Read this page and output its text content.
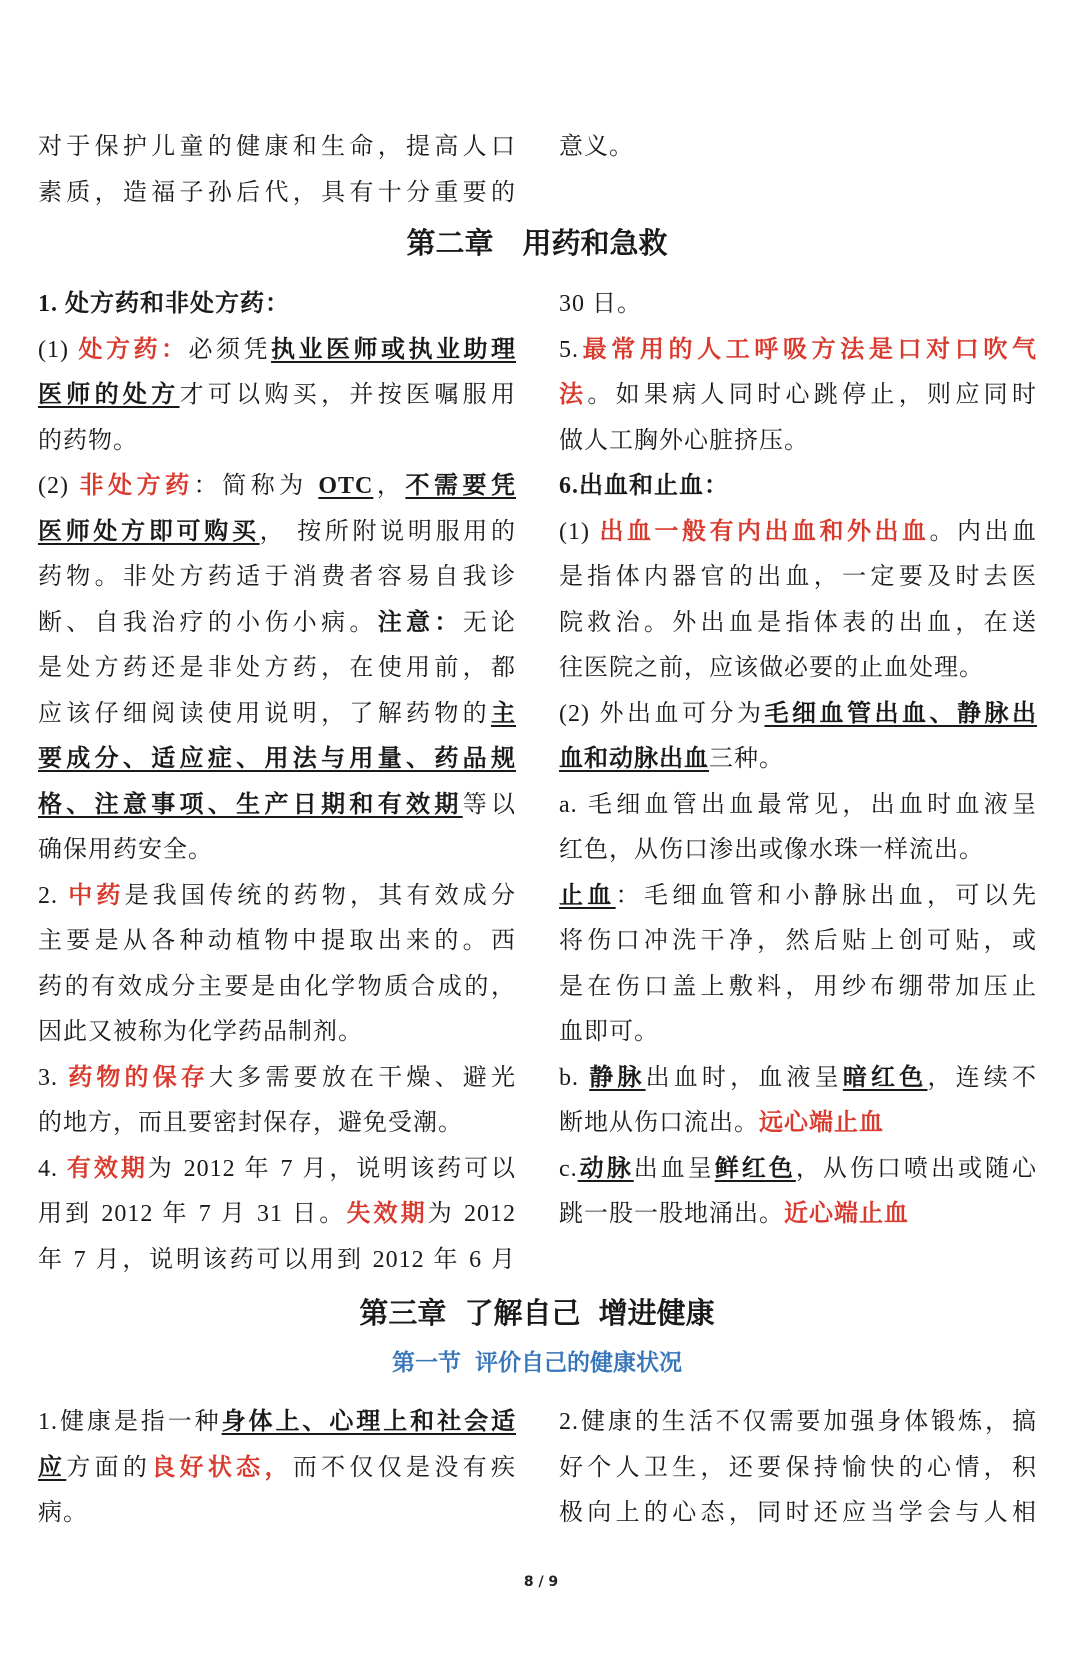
对于保护儿童的健康和生命，提高人口
素质，造福子孙后代，具有十分重要的
意义。
第二章　用药和急救
1. 处方药和非处方药：
(1) 处方药：必须凭执业医师或执业助理
医师的处方才可以购买，并按医嘱服用
的药物。
(2) 非处方药：简称为 OTC，不需要凭
医师处方即可购买， 按所附说明服用的
药物。非处方药适于消费者容易自我诊
断、自我治疗的小伤小病。注意：无论
是处方药还是非处方药，在使用前，都
应该仔细阅读使用说明，了解药物的主
要成分、适应症、用法与用量、药品规
格、注意事项、生产日期和有效期等以
确保用药安全。
2. 中药是我国传统的药物，其有效成分
主要是从各种动植物中提取出来的。西
药的有效成分主要是由化学物质合成的，
因此又被称为化学药品制剂。
3. 药物的保存大多需要放在干燥、避光
的地方，而且要密封保存，避免受潮。
4. 有效期为 2012 年 7 月，说明该药可以
用到 2012 年 7 月 31 日。失效期为 2012
年 7 月，说明该药可以用到 2012 年 6 月
30 日。
5.最常用的人工呼吸方法是口对口吹气
法。如果病人同时心跳停止，则应同时
做人工胸外心脏挤压。
6.出血和止血：
(1) 出血一般有内出血和外出血。内出血
是指体内器官的出血，一定要及时去医
院救治。外出血是指体表的出血，在送
往医院之前，应该做必要的止血处理。
(2) 外出血可分为毛细血管出血、静脉出
血和动脉出血三种。
a. 毛细血管出血最常见，出血时血液呈
红色，从伤口渗出或像水珠一样流出。
止血：毛细血管和小静脉出血，可以先
将伤口冲洗干净，然后贴上创可贴，或
是在伤口盖上敷料，用纱布绷带加压止
血即可。
b. 静脉出血时，血液呈暗红色，连续不
断地从伤口流出。远心端止血
c.动脉出血呈鲜红色，从伤口喷出或随心
跳一股一股地涌出。近心端止血
第三章 了解自己 增进健康
第一节 评价自己的健康状况
1.健康是指一种身体上、心理上和社会适
应方面的良好状态，而不仅仅是没有疾
病。
2.健康的生活不仅需要加强身体锻炼，搞
好个人卫生，还要保持愉快的心情，积
极向上的心态，同时还应当学会与人相
8 / 9
